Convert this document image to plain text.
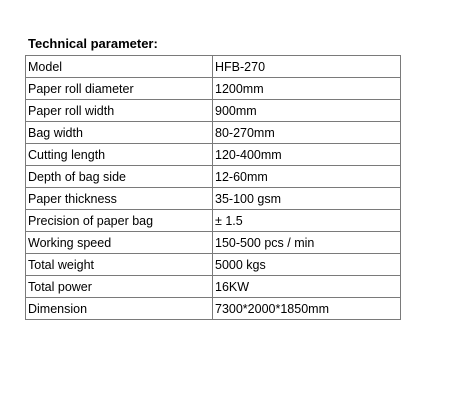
Technical parameter:
Model	HFB-270
Paper roll diameter	1200mm
Paper roll width	900mm
Bag width	80-270mm
Cutting length	120-400mm
Depth of bag side	12-60mm
Paper thickness	35-100 gsm
Precision of paper bag	± 1.5
Working speed	150-500 pcs / min
Total weight	5000 kgs
Total power	16KW
Dimension	7300*2000*1850mm
